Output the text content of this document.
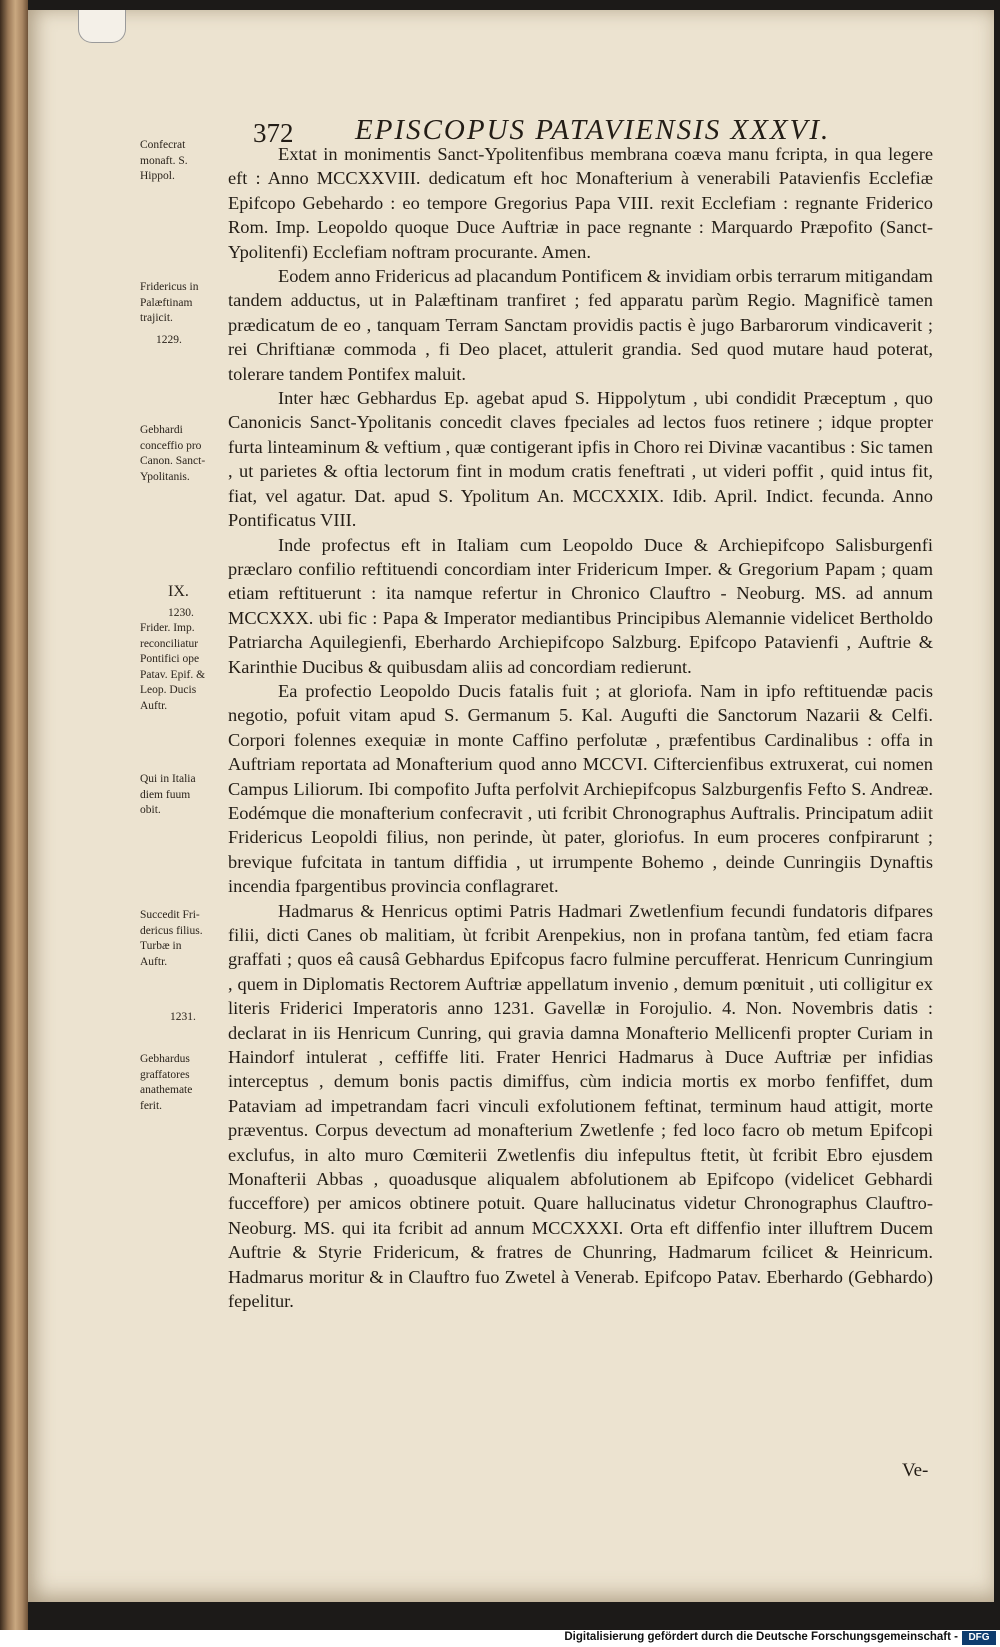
372 EPISCOPUS PATAVIENSIS XXXVI.
Confecrat
monaft. S.
Hippol.
Fridericus in
Palæftinam
trajicit.
1229.
Gebhardi
conceffio pro
Canon. Sanct-
Ypolitanis.
IX.
1230.
Frider. Imp.
reconciliatur
Pontifici ope
Patav. Epif. &
Leop. Ducis
Auftr.
Qui in Italia
diem fuum
obit.
Succedit Fri-
dericus filius.
Turbæ in
Auftr.
1231.
Gebhardus
graffatores
anathemate
ferit.

Extat in monimentis Sanct-Ypolitenfibus membrana coæva manu fcripta, in qua legere eft : Anno MCCXXVIII. dedicatum eft hoc Monafterium à venerabili Patavienfis Ecclefiæ Epifcopo Gebehardo : eo tempore Gregorius Papa VIII. rexit Ecclefiam : regnante Friderico Rom. Imp. Leopoldo quoque Duce Auftriæ in pace regnante : Marquardo Præpofito (Sanct-Ypolitenfi) Ecclefiam noftram procurante. Amen.

Eodem anno Fridericus ad placandum Pontificem & invidiam orbis terrarum mitigandam tandem adductus, ut in Palæftinam tranfiret ; fed apparatu parùm Regio. Magnificè tamen prædicatum de eo , tanquam Terram Sanctam providis pactis è jugo Barbarorum vindicaverit ; rei Chriftianæ commoda , fi Deo placet, attulerit grandia. Sed quod mutare haud poterat, tolerare tandem Pontifex maluit.

Inter hæc Gebhardus Ep. agebat apud S. Hippolytum , ubi condidit Præceptum , quo Canonicis Sanct-Ypolitanis concedit claves fpeciales ad lectos fuos retinere ; idque propter furta linteaminum & veftium , quæ contigerant ipfis in Choro rei Divinæ vacantibus : Sic tamen , ut parietes & oftia lectorum fint in modum cratis feneftrati , ut videri poffit , quid intus fit, fiat, vel agatur. Dat. apud S. Ypolitum An. MCCXXIX. Idib. April. Indict. fecunda. Anno Pontificatus VIII.

Inde profectus eft in Italiam cum Leopoldo Duce & Archiepifcopo Salisburgenfi præclaro confilio reftituendi concordiam inter Fridericum Imper. & Gregorium Papam ; quam etiam reftituerunt : ita namque refertur in Chronico Clauftro - Neoburg. MS. ad annum MCCXXX. ubi fic : Papa & Imperator mediantibus Principibus Alemannie videlicet Bertholdo Patriarcha Aquilegienfi, Eberhardo Archiepifcopo Salzburg. Epifcopo Patavienfi , Auftrie & Karinthie Ducibus & quibusdam aliis ad concordiam redierunt.

Ea profectio Leopoldo Ducis fatalis fuit ; at gloriofa. Nam in ipfo reftituendæ pacis negotio, pofuit vitam apud S. Germanum 5. Kal. Augufti die Sanctorum Nazarii & Celfi. Corpori folennes exequiæ in monte Caffino perfolutæ , præfentibus Cardinalibus : offa in Auftriam reportata ad Monafterium quod anno MCCVI. Ciftercienfibus extruxerat, cui nomen Campus Liliorum. Ibi compofito Jufta perfolvit Archiepifcopus Salzburgenfis Fefto S. Andreæ. Eodémque die monafterium confecravit , uti fcribit Chronographus Auftralis. Principatum adiit Fridericus Leopoldi filius, non perinde, ùt pater, gloriofus. In eum proceres confpirarunt ; brevique fufcitata in tantum diffidia , ut irrumpente Bohemo , deinde Cunringiis Dynaftis incendia fpargentibus provincia conflagraret.

Hadmarus & Henricus optimi Patris Hadmari Zwetlenfium fecundi fundatoris difpares filii, dicti Canes ob malitiam, ùt fcribit Arenpekius, non in profana tantùm, fed etiam facra graffati ; quos eâ causâ Gebhardus Epifcopus facro fulmine percufferat. Henricum Cunringium , quem in Diplomatis Rectorem Auftriæ appellatum invenio , demum pœnituit , uti colligitur ex literis Friderici Imperatoris anno 1231. Gavellæ in Forojulio. 4. Non. Novembris datis : declarat in iis Henricum Cunring, qui gravia damna Monafterio Mellicenfi propter Curiam in Haindorf intulerat , ceffiffe liti. Frater Henrici Hadmarus à Duce Auftriæ per infidias interceptus , demum bonis pactis dimiffus, cùm indicia mortis ex morbo fenfiffet, dum Pataviam ad impetrandam facri vinculi exfolutionem feftinat, terminum haud attigit, morte præventus. Corpus devectum ad monafterium Zwetlenfe ; fed loco facro ob metum Epifcopi exclufus, in alto muro Cœmiterii Zwetlenfis diu infepultus ftetit, ùt fcribit Ebro ejusdem Monafterii Abbas , quoadusque aliqualem abfolutionem ab Epifcopo (videlicet Gebhardi fucceffore) per amicos obtinere potuit. Quare hallucinatus videtur Chronographus Clauftro-Neoburg. MS. qui ita fcribit ad annum MCCXXXI. Orta eft diffenfio inter illuftrem Ducem Auftrie & Styrie Fridericum, & fratres de Chunring, Hadmarum fcilicet & Heinricum. Hadmarus moritur & in Clauftro fuo Zwetel à Venerab. Epifcopo Patav. Eberhardo (Gebhardo) fepelitur.

Ve-
Digitalisierung gefördert durch die Deutsche Forschungsgemeinschaft -	DFG
